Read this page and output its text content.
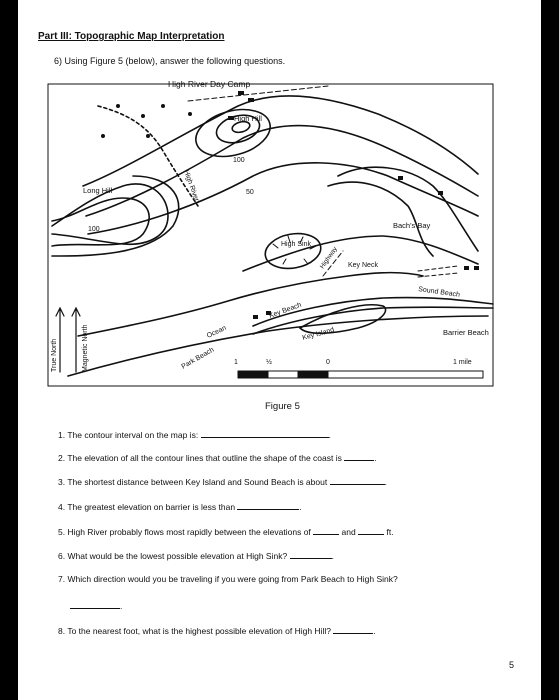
Part III: Topographic Map Interpretation
6) Using Figure 5 (below), answer the following questions.
High River Day Camp
High Hill
100
50
Long Hill
100
High River
High Sink
Highway
Bach's Bay
Key Neck
Sound Beach
Key Beach
Ocean	Key Island	Barrier Beach
Park Beach
True North	Magnetic North	1	½	0	1 mile
Figure 5
1. The contour interval on the map is:	.
2. The elevation of all the contour lines that outline the shape of the coast is	.
3. The shortest distance between Key Island and Sound Beach is about	.
4. The greatest elevation on barrier is less than	.
5. High River probably flows most rapidly between the elevations of	and	ft.
6. What would be the lowest possible elevation at High Sink?	.
7. Which direction would you be traveling if you were going from Park Beach to High Sink?
.
8. To the nearest foot, what is the highest possible elevation of High Hill?	.
5
